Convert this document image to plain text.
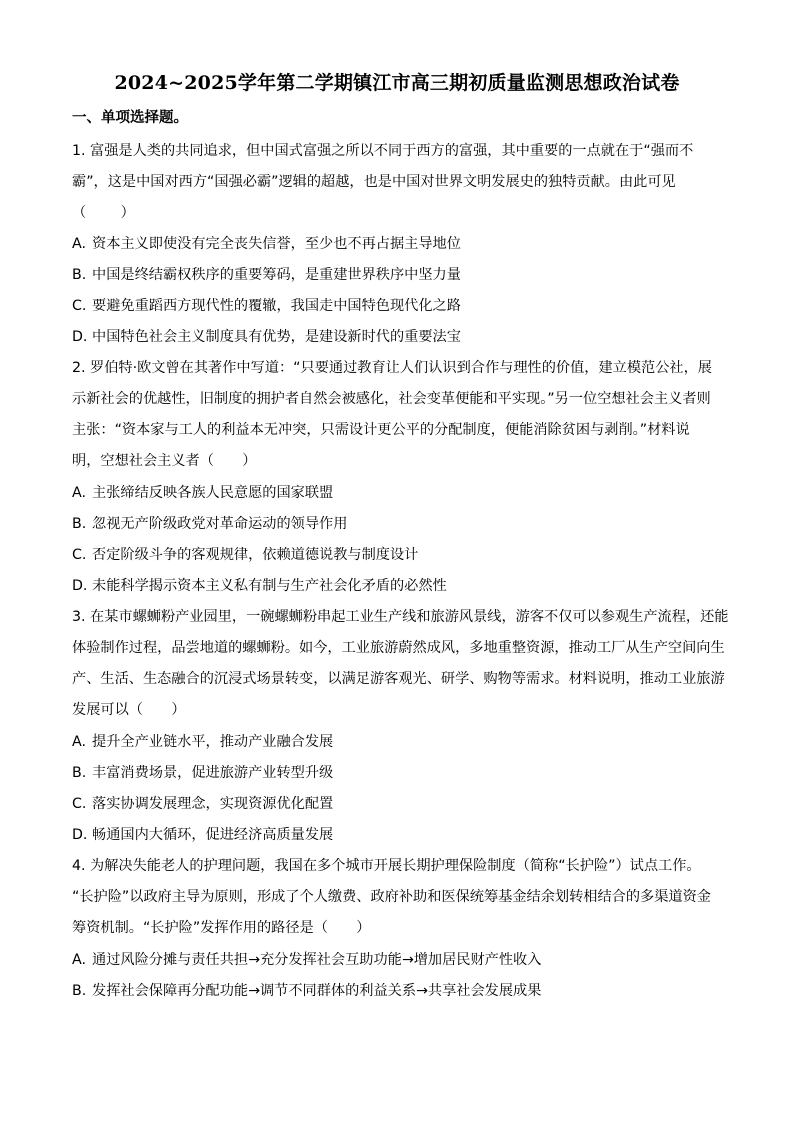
2024~2025学年第二学期镇江市高三期初质量监测思想政治试卷
一、单项选择题。
1. 富强是人类的共同追求，但中国式富强之所以不同于西方的富强，其中重要的一点就在于“强而不
霸”，这是中国对西方“国强必霸”逻辑的超越，也是中国对世界文明发展史的独特贡献。由此可见
（　　）
A. 资本主义即使没有完全丧失信誉，至少也不再占据主导地位
B. 中国是终结霸权秩序的重要筹码，是重建世界秩序中坚力量
C. 要避免重蹈西方现代性的覆辙，我国走中国特色现代化之路
D. 中国特色社会主义制度具有优势，是建设新时代的重要法宝
2. 罗伯特·欧文曾在其著作中写道：“只要通过教育让人们认识到合作与理性的价值，建立模范公社，展
示新社会的优越性，旧制度的拥护者自然会被感化，社会变革便能和平实现。”另一位空想社会主义者则
主张：“资本家与工人的利益本无冲突，只需设计更公平的分配制度，便能消除贫困与剥削。”材料说
明，空想社会主义者（　　）
A. 主张缔结反映各族人民意愿的国家联盟
B. 忽视无产阶级政党对革命运动的领导作用
C. 否定阶级斗争的客观规律，依赖道德说教与制度设计
D. 未能科学揭示资本主义私有制与生产社会化矛盾的必然性
3. 在某市螺蛳粉产业园里，一碗螺蛳粉串起工业生产线和旅游风景线，游客不仅可以参观生产流程，还能
体验制作过程，品尝地道的螺蛳粉。如今，工业旅游蔚然成风，多地重整资源，推动工厂从生产空间向生
产、生活、生态融合的沉浸式场景转变，以满足游客观光、研学、购物等需求。材料说明，推动工业旅游
发展可以（　　）
A. 提升全产业链水平，推动产业融合发展
B. 丰富消费场景，促进旅游产业转型升级
C. 落实协调发展理念，实现资源优化配置
D. 畅通国内大循环，促进经济高质量发展
4. 为解决失能老人的护理问题，我国在多个城市开展长期护理保险制度（简称“长护险”）试点工作。
“长护险”以政府主导为原则，形成了个人缴费、政府补助和医保统筹基金结余划转相结合的多渠道资金
筹资机制。“长护险”发挥作用的路径是（　　）
A. 通过风险分摊与责任共担→充分发挥社会互助功能→增加居民财产性收入
B. 发挥社会保障再分配功能→调节不同群体的利益关系→共享社会发展成果
